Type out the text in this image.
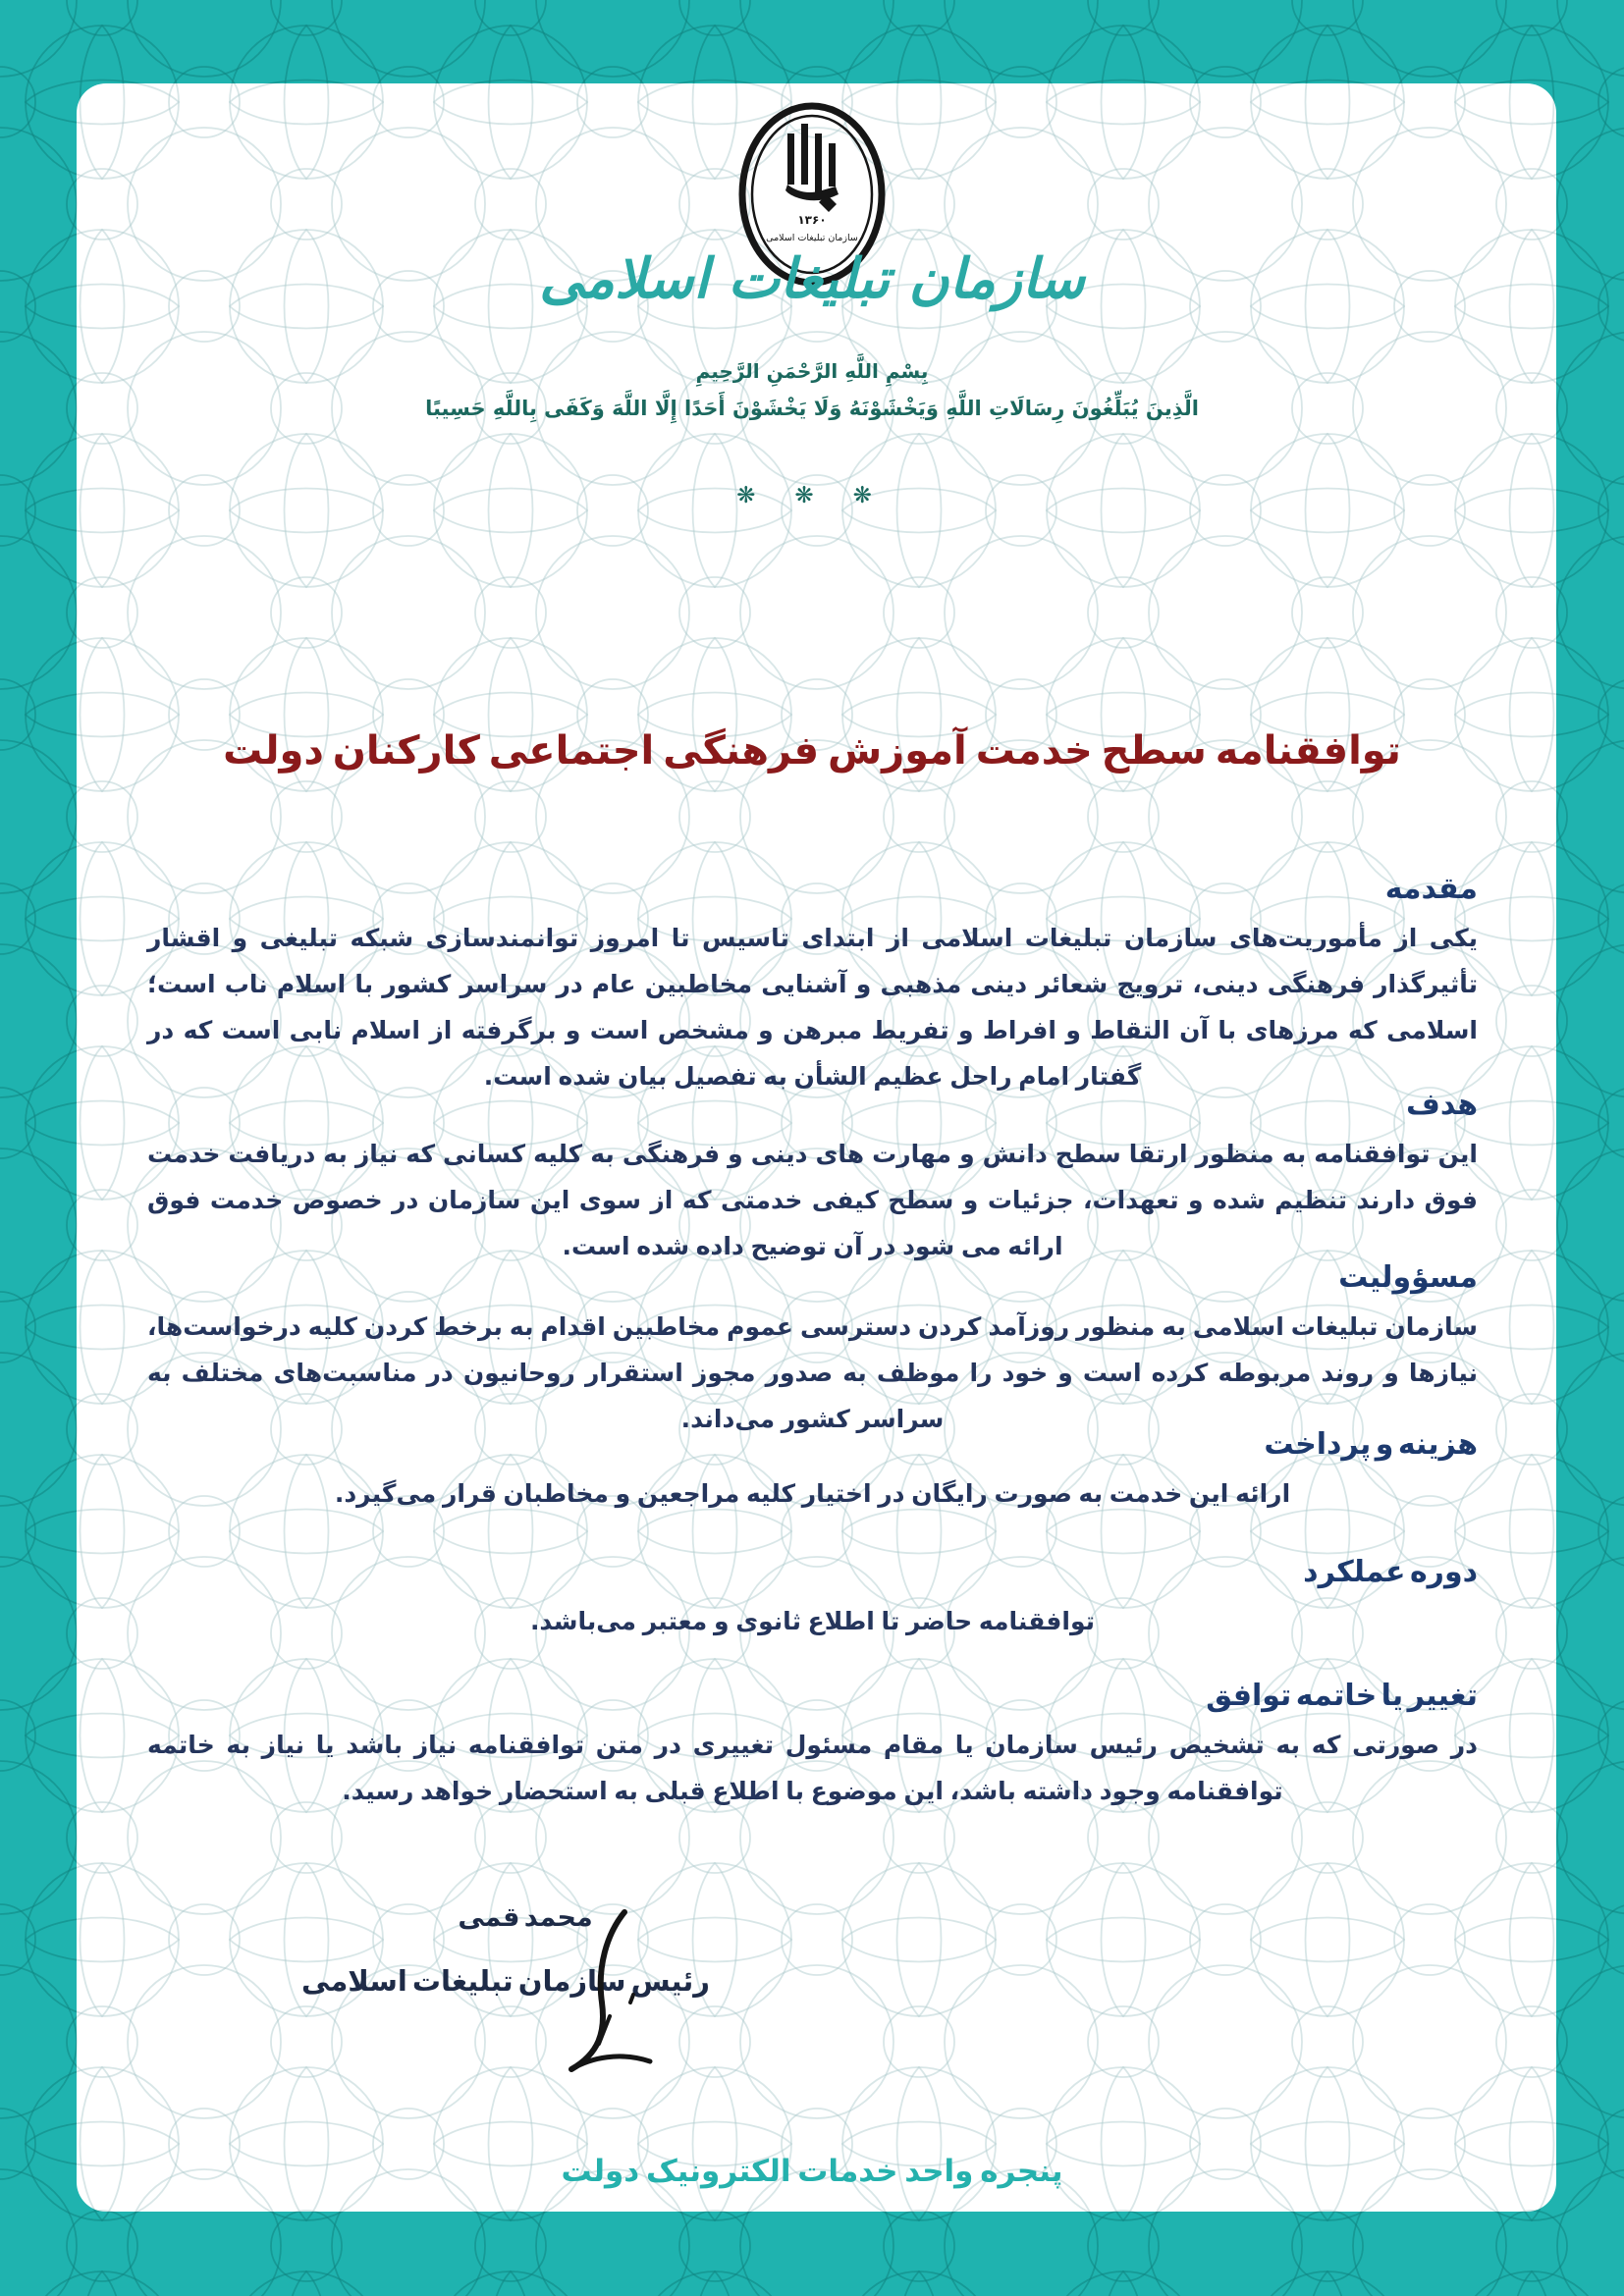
۱۳۶۰
سازمان تبلیغات اسلامی
سازمان تبلیغات اسلامی
بِسْمِ اللَّهِ الرَّحْمَنِ الرَّحِيمِ
الَّذِينَ يُبَلِّغُونَ رِسَالَاتِ اللَّهِ وَيَخْشَوْنَهُ وَلَا يَخْشَوْنَ أَحَدًا إِلَّا اللَّهَ وَكَفَى بِاللَّهِ حَسِيبًا
❋ ❋ ❋
توافقنامه سطح خدمت آموزش فرهنگی اجتماعی کارکنان دولت
مقدمه

یکی از مأموریت‌های سازمان تبلیغات اسلامی از ابتدای تاسیس تا امروز توانمندسازی شبکه تبلیغی و اقشار تأثیرگذار فرهنگی دینی، ترویج شعائر دینی مذهبی و آشنایی مخاطبین عام در سراسر کشور با اسلام ناب است؛ اسلامی که مرزهای با آن التقاط و افراط و تفریط مبرهن و مشخص است و برگرفته از اسلام نابی است که در گفتار امام راحل عظیم الشأن به تفصیل بیان شده است.

هدف

این توافقنامه به منظور ارتقا سطح دانش و مهارت های دینی و فرهنگی به کلیه کسانی که نیاز به دریافت خدمت فوق دارند تنظیم شده و تعهدات، جزئیات و سطح کیفی خدمتی که از سوی این سازمان در خصوص خدمت فوق ارائه می شود در آن توضیح داده شده است.

مسؤولیت

سازمان تبلیغات اسلامی به منظور روزآمد کردن دسترسی عموم مخاطبین اقدام به برخط کردن کلیه درخواست‌ها، نیازها و روند مربوطه کرده است و خود را موظف به صدور مجوز استقرار روحانیون در مناسبت‌های مختلف به سراسر کشور می‌داند.

هزینه و پرداخت

ارائه این خدمت به صورت رایگان در اختیار کلیه مراجعین و مخاطبان قرار می‌گیرد.

دوره عملکرد

توافقنامه حاضر تا اطلاع ثانوی و معتبر می‌باشد.

تغییر یا خاتمه توافق

در صورتی که به تشخیص رئیس سازمان یا مقام مسئول تغییری در متن توافقنامه نیاز باشد یا نیاز به خاتمه توافقنامه وجود داشته باشد، این موضوع با اطلاع قبلی به استحضار خواهد رسید.

محمد قمی
رئیس سازمان تبلیغات اسلامی
پنجره واحد خدمات الکترونیک دولت
